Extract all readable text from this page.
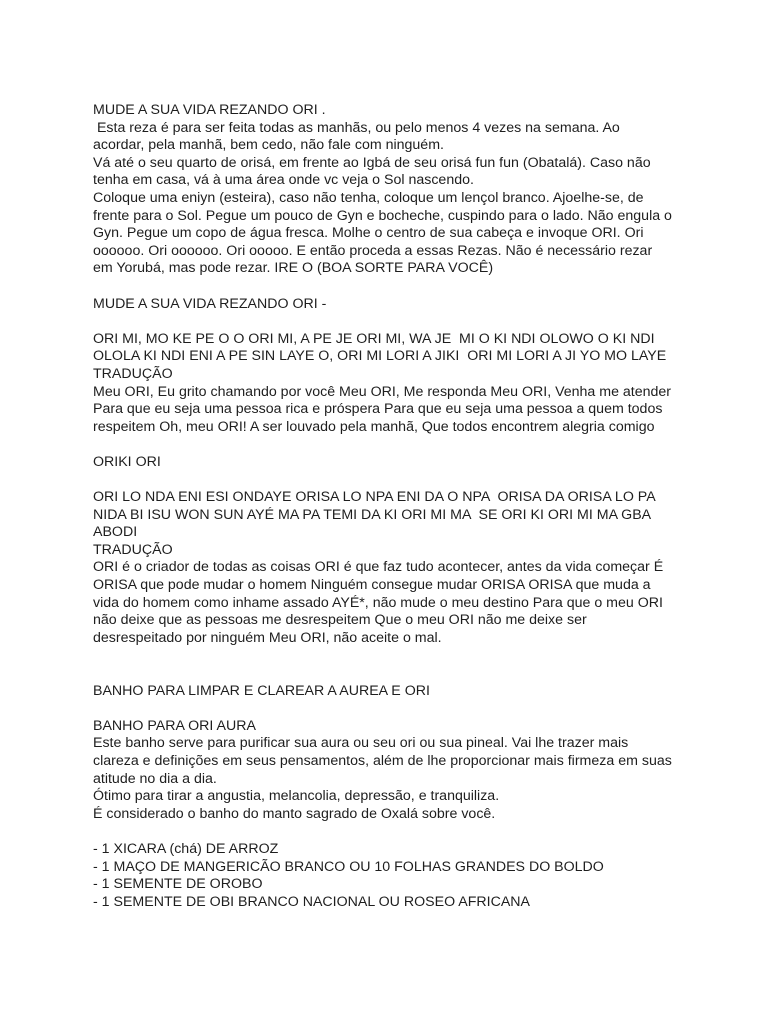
MUDE A SUA VIDA REZANDO ORI .
Esta reza é para ser feita todas as manhãs, ou pelo menos 4 vezes na semana. Ao
acordar, pela manhã, bem cedo, não fale com ninguém.
Vá até o seu quarto de orisá, em frente ao Igbá de seu orisá fun fun (Obatalá). Caso não
tenha em casa, vá à uma área onde vc veja o Sol nascendo.
Coloque uma eniyn (esteira), caso não tenha, coloque um lençol branco. Ajoelhe-se, de
frente para o Sol. Pegue um pouco de Gyn e bocheche, cuspindo para o lado. Não engula o
Gyn. Pegue um copo de água fresca. Molhe o centro de sua cabeça e invoque ORI. Ori
oooooo. Ori oooooo. Ori ooooo. E então proceda a essas Rezas. Não é necessário rezar
em Yorubá, mas pode rezar. IRE O (BOA SORTE PARA VOCÊ)
MUDE A SUA VIDA REZANDO ORI -
ORI MI, MO KE PE O O ORI MI, A PE JE ORI MI, WA JE  MI O KI NDI OLOWO O KI NDI
OLOLA KI NDI ENI A PE SIN LAYE O, ORI MI LORI A JIKI  ORI MI LORI A JI YO MO LAYE
TRADUÇÃO
Meu ORI, Eu grito chamando por você Meu ORI, Me responda Meu ORI, Venha me atender
Para que eu seja uma pessoa rica e próspera Para que eu seja uma pessoa a quem todos
respeitem Oh, meu ORI! A ser louvado pela manhã, Que todos encontrem alegria comigo
ORIKI ORI
ORI LO NDA ENI ESI ONDAYE ORISA LO NPA ENI DA O NPA  ORISA DA ORISA LO PA
NIDA BI ISU WON SUN AYÉ MA PA TEMI DA KI ORI MI MA  SE ORI KI ORI MI MA GBA
ABODI
TRADUÇÃO
ORI é o criador de todas as coisas ORI é que faz tudo acontecer, antes da vida começar É
ORISA que pode mudar o homem Ninguém consegue mudar ORISA ORISA que muda a
vida do homem como inhame assado AYÉ*, não mude o meu destino Para que o meu ORI
não deixe que as pessoas me desrespeitem Que o meu ORI não me deixe ser
desrespeitado por ninguém Meu ORI, não aceite o mal.
BANHO PARA LIMPAR E CLAREAR A AUREA E ORI
BANHO PARA ORI AURA
Este banho serve para purificar sua aura ou seu ori ou sua pineal. Vai lhe trazer mais
clareza e definições em seus pensamentos, além de lhe proporcionar mais firmeza em suas
atitude no dia a dia.
Ótimo para tirar a angustia, melancolia, depressão, e tranquiliza.
É considerado o banho do manto sagrado de Oxalá sobre você.
- 1 XICARA (chá) DE ARROZ
- 1 MAÇO DE MANGERICÃO BRANCO OU 10 FOLHAS GRANDES DO BOLDO
- 1 SEMENTE DE OROBO
- 1 SEMENTE DE OBI BRANCO NACIONAL OU ROSEO AFRICANA
